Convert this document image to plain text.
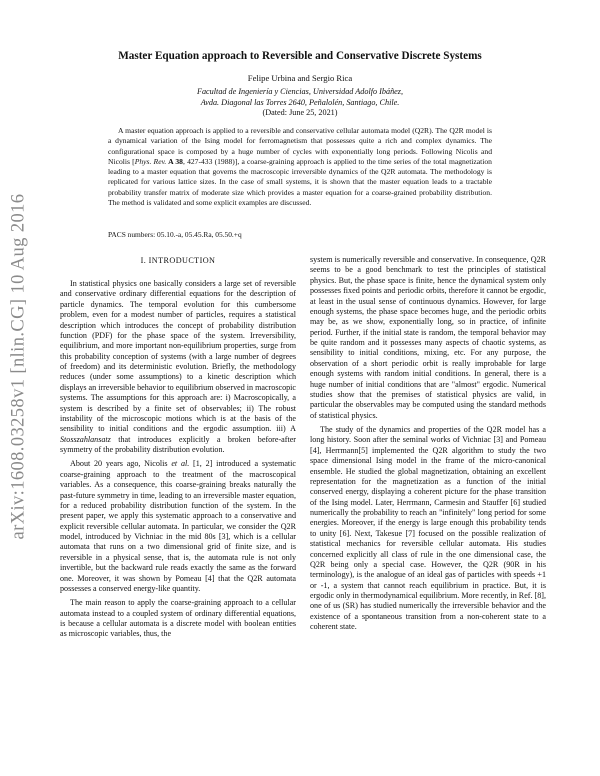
arXiv:1608.03258v1 [nlin.CG] 10 Aug 2016
Master Equation approach to Reversible and Conservative Discrete Systems
Felipe Urbina and Sergio Rica
Facultad de Ingeniería y Ciencias, Universidad Adolfo Ibáñez,
Avda. Diagonal las Torres 2640, Peñalolén, Santiago, Chile.
(Dated: June 25, 2021)

A master equation approach is applied to a reversible and conservative cellular automata model (Q2R). The Q2R model is a dynamical variation of the Ising model for ferromagnetism that possesses quite a rich and complex dynamics. The configurational space is composed by a huge number of cycles with exponentially long periods. Following Nicolis and Nicolis [Phys. Rev. A 38, 427-433 (1988)], a coarse-graining approach is applied to the time series of the total magnetization leading to a master equation that governs the macroscopic irreversible dynamics of the Q2R automata. The methodology is replicated for various lattice sizes. In the case of small systems, it is shown that the master equation leads to a tractable probability transfer matrix of moderate size which provides a master equation for a coarse-grained probability distribution. The method is validated and some explicit examples are discussed.

PACS numbers: 05.10.-a, 05.45.Ra, 05.50.+q
I. INTRODUCTION

In statistical physics one basically considers a large set of reversible and conservative ordinary differential equations for the description of particle dynamics. The temporal evolution for this cumbersome problem, even for a modest number of particles, requires a statistical description which introduces the concept of probability distribution function (PDF) for the phase space of the system. Irreversibility, equilibrium, and more important non-equilibrium properties, surge from this probability conception of systems (with a large number of degrees of freedom) and its deterministic evolution. Briefly, the methodology reduces (under some assumptions) to a kinetic description which displays an irreversible behavior to equilibrium observed in macroscopic systems. The assumptions for this approach are: i) Macroscopically, a system is described by a finite set of observables; ii) The robust instability of the microscopic motions which is at the basis of the sensibility to initial conditions and the ergodic assumption. iii) A Stosszahlansatz that introduces explicitly a broken before-after symmetry of the probability distribution evolution.

About 20 years ago, Nicolis et al. [1, 2] introduced a systematic coarse-graining approach to the treatment of the macroscopical variables. As a consequence, this coarse-graining breaks naturally the past-future symmetry in time, leading to an irreversible master equation, for a reduced probability distribution function of the system. In the present paper, we apply this systematic approach to a conservative and explicit reversible cellular automata. In particular, we consider the Q2R model, introduced by Vichniac in the mid 80s [3], which is a cellular automata that runs on a two dimensional grid of finite size, and is reversible in a physical sense, that is, the automata rule is not only invertible, but the backward rule reads exactly the same as the forward one. Moreover, it was shown by Pomeau [4] that the Q2R automata possesses a conserved energy-like quantity.

The main reason to apply the coarse-graining approach to a cellular automata instead to a coupled system of ordinary differential equations, is because a cellular automata is a discrete model with boolean entities as microscopic variables, thus, the

system is numerically reversible and conservative. In consequence, Q2R seems to be a good benchmark to test the principles of statistical physics. But, the phase space is finite, hence the dynamical system only possesses fixed points and periodic orbits, therefore it cannot be ergodic, at least in the usual sense of continuous dynamics. However, for large enough systems, the phase space becomes huge, and the periodic orbits may be, as we show, exponentially long, so in practice, of infinite period. Further, if the initial state is random, the temporal behavior may be quite random and it possesses many aspects of chaotic systems, as sensibility to initial conditions, mixing, etc. For any purpose, the observation of a short periodic orbit is really improbable for large enough systems with random initial conditions. In general, there is a huge number of initial conditions that are "almost" ergodic. Numerical studies show that the premises of statistical physics are valid, in particular the observables may be computed using the standard methods of statistical physics.

The study of the dynamics and properties of the Q2R model has a long history. Soon after the seminal works of Vichniac [3] and Pomeau [4], Herrmann[5] implemented the Q2R algorithm to study the two space dimensional Ising model in the frame of the micro-canonical ensemble. He studied the global magnetization, obtaining an excellent representation for the magnetization as a function of the initial conserved energy, displaying a coherent picture for the phase transition of the Ising model. Later, Herrmann, Carmesin and Stauffer [6] studied numerically the probability to reach an "infinitely" long period for some energies. Moreover, if the energy is large enough this probability tends to unity [6]. Next, Takesue [7] focused on the possible realization of statistical mechanics for reversible cellular automata. His studies concerned explicitly all class of rule in the one dimensional case, the Q2R being only a special case. However, the Q2R (90R in his terminology), is the analogue of an ideal gas of particles with speeds +1 or -1, a system that cannot reach equilibrium in practice. But, it is ergodic only in thermodynamical equilibrium. More recently, in Ref. [8], one of us (SR) has studied numerically the irreversible behavior and the existence of a spontaneous transition from a non-coherent state to a coherent state.
